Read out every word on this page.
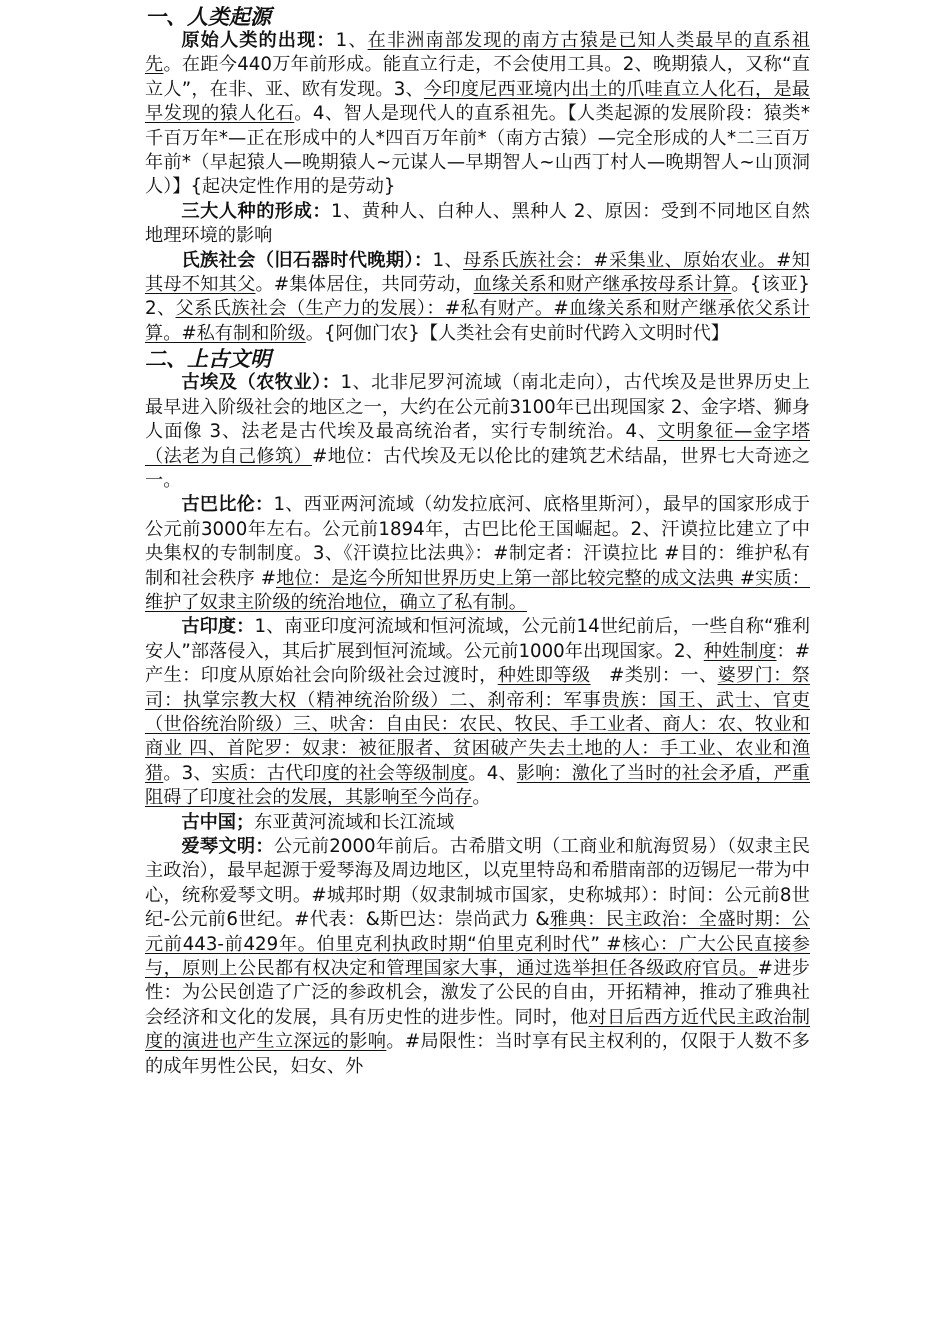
一、人类起源

原始人类的出现：1、在非洲南部发现的南方古猿是已知人类最早的直系祖先。在距今440万年前形成。能直立行走，不会使用工具。2、晚期猿人，又称“直立人”，在非、亚、欧有发现。3、今印度尼西亚境内出土的爪哇直立人化石，是最早发现的猿人化石。4、智人是现代人的直系祖先。【人类起源的发展阶段：猿类*千百万年*—正在形成中的人*四百万年前*（南方古猿）—完全形成的人*二三百万年前*（早起猿人—晚期猿人~元谋人—早期智人~山西丁村人—晚期智人~山顶洞人）】{起决定性作用的是劳动}

三大人种的形成：1、黄种人、白种人、黑种人 2、原因：受到不同地区自然地理环境的影响

氏族社会（旧石器时代晚期）：1、母系氏族社会：#采集业、原始农业。#知其母不知其父。#集体居住，共同劳动，血缘关系和财产继承按母系计算。{该亚} 2、父系氏族社会（生产力的发展）：#私有财产。#血缘关系和财产继承依父系计算。#私有制和阶级。{阿伽门农}【人类社会有史前时代跨入文明时代】

二、上古文明

古埃及（农牧业）：1、北非尼罗河流域（南北走向），古代埃及是世界历史上最早进入阶级社会的地区之一，大约在公元前3100年已出现国家 2、金字塔、狮身人面像 3、法老是古代埃及最高统治者，实行专制统治。4、文明象征—金字塔（法老为自己修筑）#地位：古代埃及无以伦比的建筑艺术结晶，世界七大奇迹之一。

古巴比伦：1、西亚两河流域（幼发拉底河、底格里斯河），最早的国家形成于公元前3000年左右。公元前1894年，古巴比伦王国崛起。2、汗谟拉比建立了中央集权的专制制度。3、《汗谟拉比法典》：#制定者：汗谟拉比 #目的：维护私有制和社会秩序 #地位：是迄今所知世界历史上第一部比较完整的成文法典 #实质：维护了奴隶主阶级的统治地位，确立了私有制。

古印度：1、南亚印度河流域和恒河流域，公元前14世纪前后，一些自称“雅利安人”部落侵入，其后扩展到恒河流域。公元前1000年出现国家。2、种姓制度：#产生：印度从原始社会向阶级社会过渡时，种姓即等级　#类别：一、婆罗门：祭司：执掌宗教大权（精神统治阶级）二、刹帝利：军事贵族：国王、武士、官吏（世俗统治阶级）三、吠舍：自由民：农民、牧民、手工业者、商人：农、牧业和商业 四、首陀罗：奴隶：被征服者、贫困破产失去土地的人：手工业、农业和渔猎。3、实质：古代印度的社会等级制度。4、影响：激化了当时的社会矛盾，严重阻碍了印度社会的发展，其影响至今尚存。

古中国；东亚黄河流域和长江流域

爱琴文明：公元前2000年前后。古希腊文明（工商业和航海贸易）（奴隶主民主政治），最早起源于爱琴海及周边地区，以克里特岛和希腊南部的迈锡尼一带为中心，统称爱琴文明。#城邦时期（奴隶制城市国家，史称城邦）：时间：公元前8世纪-公元前6世纪。#代表：&斯巴达：崇尚武力 &雅典：民主政治：全盛时期：公元前443-前429年。伯里克利执政时期“伯里克利时代” #核心：广大公民直接参与，原则上公民都有权决定和管理国家大事，通过选举担任各级政府官员。#进步性：为公民创造了广泛的参政机会，激发了公民的自由，开拓精神，推动了雅典社会经济和文化的发展，具有历史性的进步性。同时，他对日后西方近代民主政治制度的演进也产生立深远的影响。#局限性：当时享有民主权利的，仅限于人数不多的成年男性公民，妇女、外
